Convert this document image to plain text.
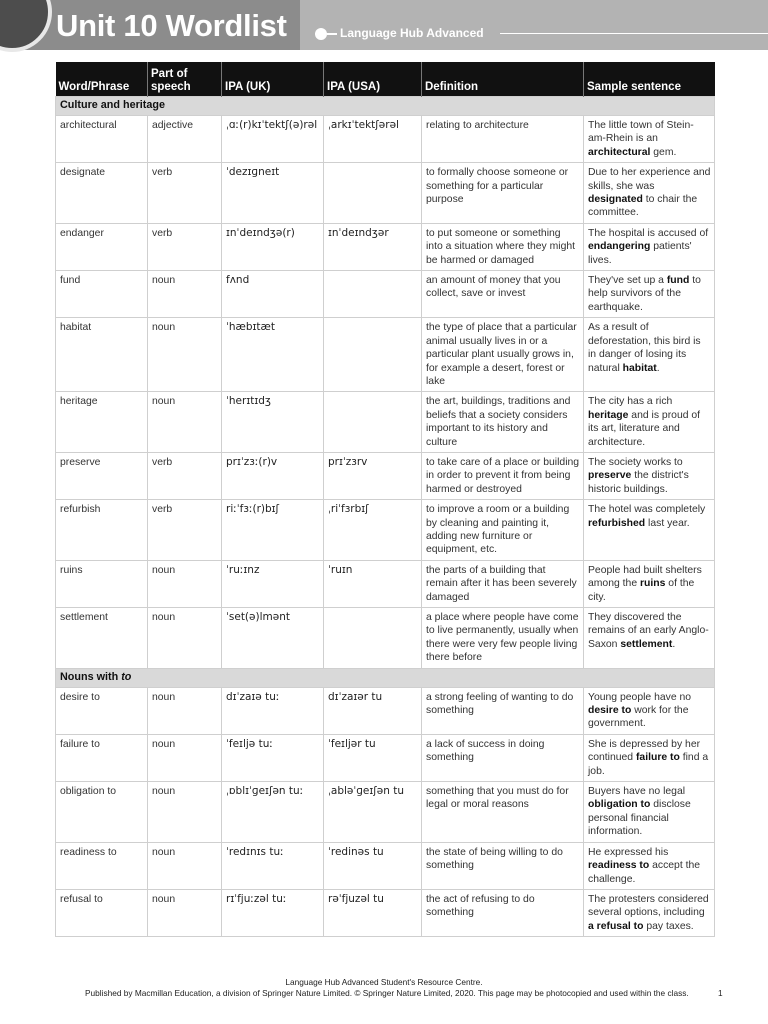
Unit 10 Wordlist	Language Hub Advanced
Word/Phrase	Part of speech	IPA (UK)	IPA (USA)	Definition	Sample sentence
Culture and heritage					
architectural	adjective	ˌɑː(r)kɪˈtektʃ(ə)rəl	ˌarkɪˈtektʃərəl	relating to architecture	The little town of Stein-am-Rhein is an architectural gem.
designate	verb	ˈdezɪɡneɪt		to formally choose someone or something for a particular purpose	Due to her experience and skills, she was designated to chair the committee.
endanger	verb	ɪnˈdeɪndʒə(r)	ɪnˈdeɪndʒər	to put someone or something into a situation where they might be harmed or damaged	The hospital is accused of endangering patients' lives.
fund	noun	fʌnd		an amount of money that you collect, save or invest	They've set up a fund to help survivors of the earthquake.
habitat	noun	ˈhæbɪtæt		the type of place that a particular animal usually lives in or a particular plant usually grows in, for example a desert, forest or lake	As a result of deforestation, this bird is in danger of losing its natural habitat.
heritage	noun	ˈherɪtɪdʒ		the art, buildings, traditions and beliefs that a society considers important to its history and culture	The city has a rich heritage and is proud of its art, literature and architecture.
preserve	verb	prɪˈzɜː(r)v	prɪˈzɜrv	to take care of a place or building in order to prevent it from being harmed or destroyed	The society works to preserve the district's historic buildings.
refurbish	verb	riːˈfɜː(r)bɪʃ	ˌriˈfɜrbɪʃ	to improve a room or a building by cleaning and painting it, adding new furniture or equipment, etc.	The hotel was completely refurbished last year.
ruins	noun	ˈruːɪnz	ˈruɪn	the parts of a building that remain after it has been severely damaged	People had built shelters among the ruins of the city.
settlement	noun	ˈset(ə)lmənt		a place where people have come to live permanently, usually when there were very few people living there before	They discovered the remains of an early Anglo-Saxon settlement.
Nouns with to					
desire to	noun	dɪˈzaɪə tuː	dɪˈzaɪər tu	a strong feeling of wanting to do something	Young people have no desire to work for the government.
failure to	noun	ˈfeɪljə tuː	ˈfeɪljər tu	a lack of success in doing something	She is depressed by her continued failure to find a job.
obligation to	noun	ˌɒblɪˈɡeɪʃən tuː	ˌabləˈɡeɪʃən tu	something that you must do for legal or moral reasons	Buyers have no legal obligation to disclose personal financial information.
readiness to	noun	ˈredɪnɪs tuː	ˈredinəs tu	the state of being willing to do something	He expressed his readiness to accept the challenge.
refusal to	noun	rɪˈfjuːzəl tuː	rəˈfjuzəl tu	the act of refusing to do something	The protesters considered several options, including a refusal to pay taxes.
Language Hub Advanced Student's Resource Centre.
Published by Macmillan Education, a division of Springer Nature Limited. © Springer Nature Limited, 2020. This page may be photocopied and used within the class.	1
